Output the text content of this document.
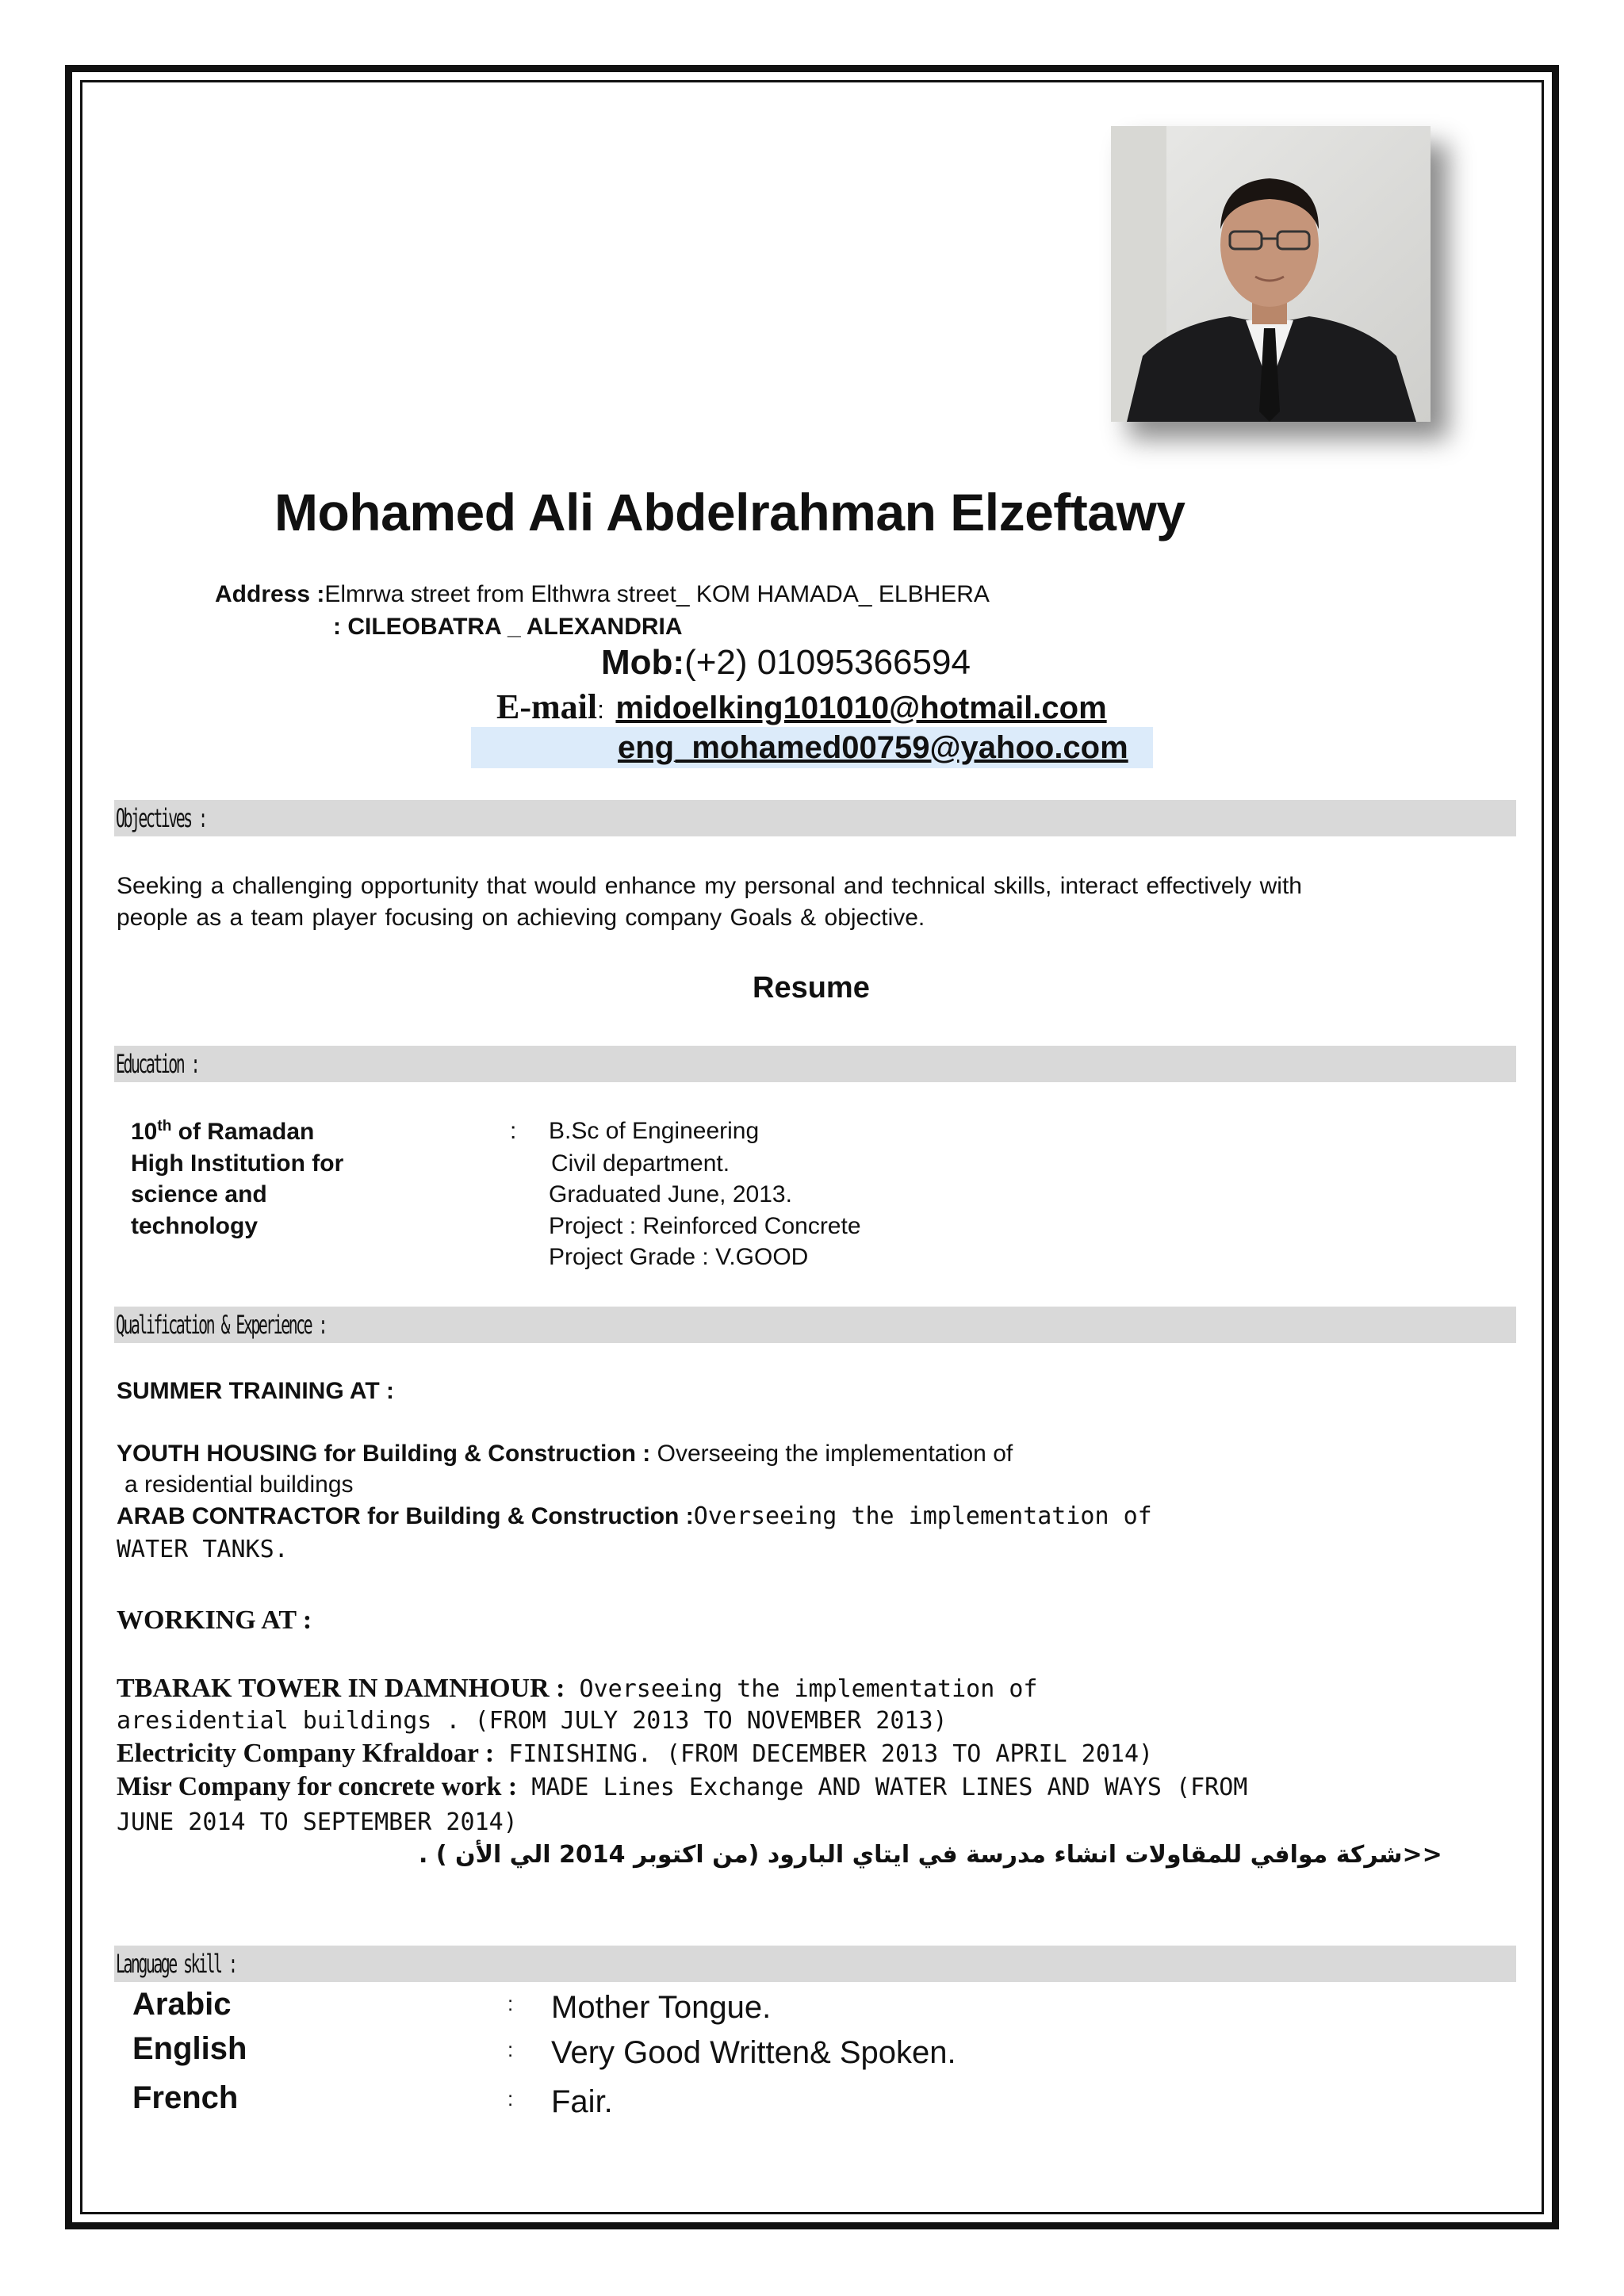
Mohamed Ali Abdelrahman Elzeftawy
Address :Elmrwa street from Elthwra street_ KOM HAMADA_ ELBHERA
: CILEOBATRA _ ALEXANDRIA
Mob:(+2) 01095366594
E-mail: midoelking101010@hotmail.com
eng_mohamed00759@yahoo.com
Objectives :
Seeking a challenging opportunity that would enhance my personal and technical skills, interact effectively with
people as a team player focusing on achieving company Goals & objective.
Resume
Education :
10th of Ramadan
High Institution for
science and
technology
: B.Sc of Engineering
Civil department.
Graduated June, 2013.
Project : Reinforced Concrete
Project Grade : V.GOOD
Qualification & Experience :
SUMMER TRAINING AT :
YOUTH HOUSING for Building & Construction : Overseeing the implementation of
a residential buildings
ARAB CONTRACTOR for Building & Construction :Overseeing the implementation of
WATER TANKS.
WORKING AT :
TBARAK TOWER IN DAMNHOUR : Overseeing the implementation of
aresidential buildings . (FROM JULY 2013 TO NOVEMBER 2013)
Electricity Company Kfraldoar : FINISHING. (FROM DECEMBER 2013 TO APRIL 2014)
Misr Company for concrete work : MADE Lines Exchange AND WATER LINES AND WAYS (FROM
JUNE 2014 TO SEPTEMBER 2014)
<<شركة موافي للمقاولات انشاء مدرسة في ايتاي البارود (من اكتوبر 2014 الي الأن ) .
Language skill :
Arabic	: Mother Tongue.
English	: Very Good Written& Spoken.
French	: Fair.
